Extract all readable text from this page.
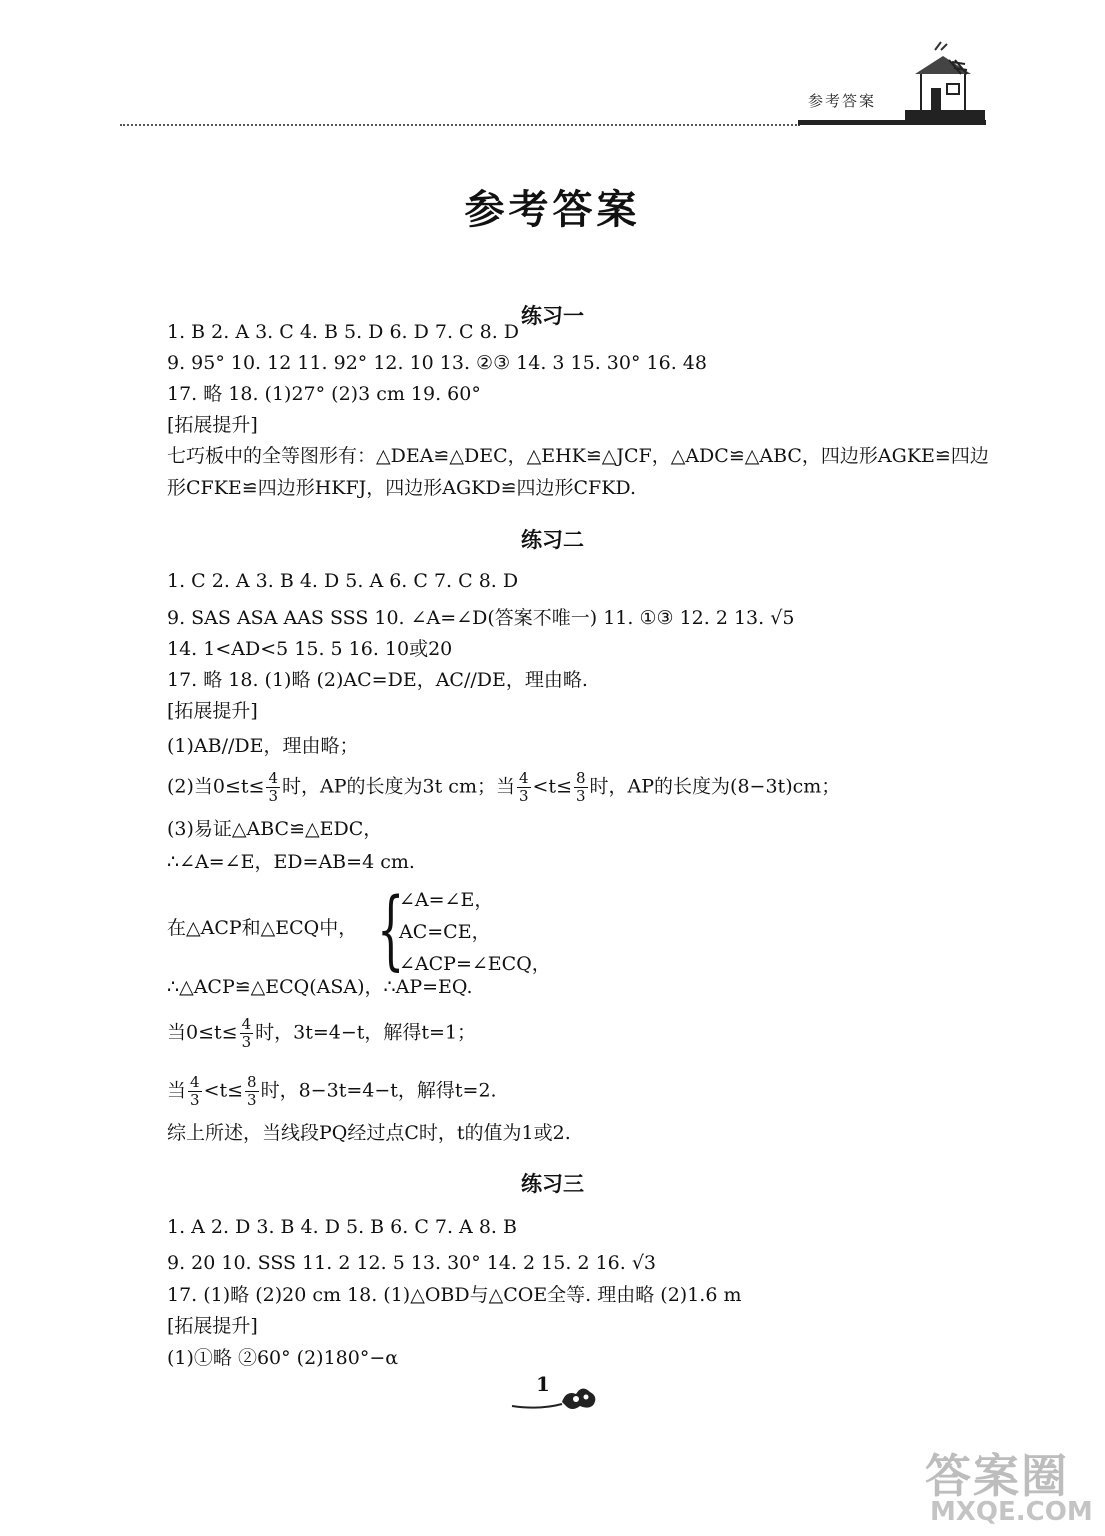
参考答案
参考答案
练习一
1. B 2. A 3. C 4. B 5. D 6. D 7. C 8. D
9. 95° 10. 12 11. 92° 12. 10 13. ②③ 14. 3 15. 30° 16. 48
17. 略 18. (1)27° (2)3 cm 19. 60°
[拓展提升]
七巧板中的全等图形有：△DEA≌△DEC，△EHK≌△JCF，△ADC≌△ABC，四边形AGKE≌四边形CFKE≌四边形HKFJ，四边形AGKD≌四边形CFKD.
练习二
1. C 2. A 3. B 4. D 5. A 6. C 7. C 8. D
9. SAS ASA AAS SSS 10. ∠A=∠D(答案不唯一) 11. ①③ 12. 2 13. √5
14. 1<AD<5 15. 5 16. 10或20
17. 略 18. (1)略 (2)AC=DE，AC//DE，理由略.
[拓展提升]
(1)AB//DE，理由略；
(2)当$0\le t\le \frac{4}{3}$ 时，AP的长度为3t cm；当 $\frac{4}{3} <t\le \frac{8}{3}$ 时，AP的长度为(8−3t)cm；
(3)易证△ABC≌△EDC，
∴∠A=∠E，ED=AB=4 cm.
在△ACP和△ECQ中， {
∠A=∠E，
AC=CE，
∠ACP=∠ECQ，
∴△ACP≌△ECQ(ASA)，∴AP=EQ.
当$0\le t\le \frac{4}{3}$ 时，3t=4−t，解得t=1；
当 $\frac{4}{3} <t\le \frac{8}{3}$ 时，8−3t=4−t，解得t=2.
综上所述，当线段PQ经过点C时，t的值为1或2.
练习三
1. A 2. D 3. B 4. D 5. B 6. C 7. A 8. B
9. 20 10. SSS 11. 2 12. 5 13. 30° 14. 2 15. 2 16. √3
17. (1)略 (2)20 cm 18. (1)△OBD与△COE全等. 理由略 (2)1.6 m
[拓展提升]
(1)①略 ②60° (2)180°−α
1
答案圈
MXQE.COM
